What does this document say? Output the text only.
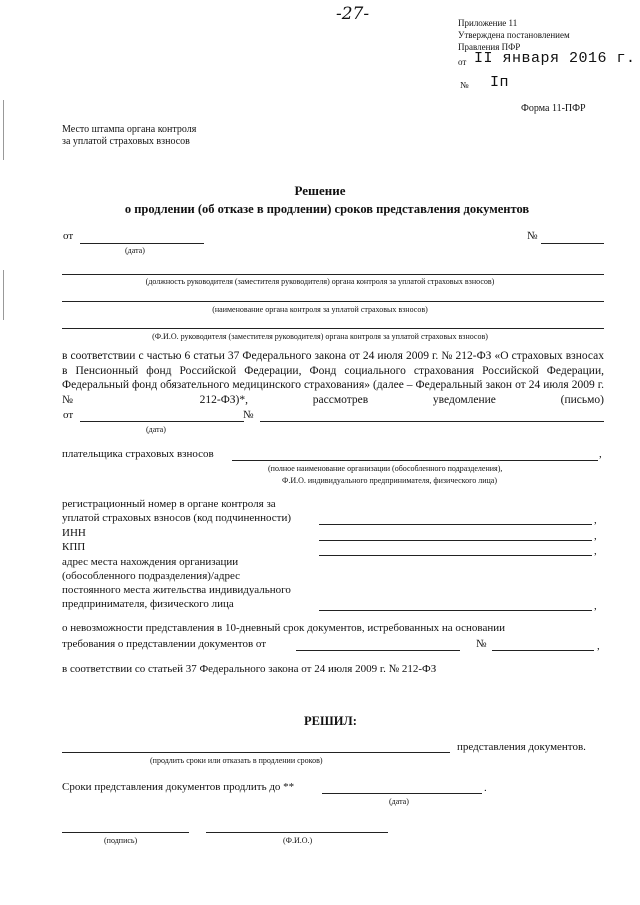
-27-	Приложение 11
Утверждена постановлением
Правления ПФР
от II января 2016 г.
№ Iп
Форма 11-ПФР
Место штампа органа контроля
за уплатой страховых взносов
Решение
о продлении (об отказе в продлении) сроков представления документов
от
(дата)
№
(должность руководителя (заместителя руководителя) органа контроля за уплатой страховых взносов)
(наименование органа контроля за уплатой страховых взносов)
(Ф.И.О. руководителя (заместителя руководителя) органа контроля за уплатой страховых взносов)
в соответствии с частью 6 статьи 37 Федерального закона от 24 июля 2009 г. № 212-ФЗ «О страховых взносах в Пенсионный фонд Российской Федерации, Фонд социального страхования Российской Федерации, Федеральный фонд обязательного медицинского страхования» (далее – Федеральный закон от 24 июля 2009 г. № 212-ФЗ)*, рассмотрев уведомление (письмо)
от
(дата)
№
плательщика страховых взносов	,
(полное наименование организации (обособленного подразделения),
Ф.И.О. индивидуального предпринимателя, физического лица)
регистрационный номер в органе контроля за
уплатой страховых взносов (код подчиненности)	,
ИНН	,
КПП	,
адрес места нахождения организации
(обособленного подразделения)/адрес
постоянного места жительства индивидуального
предпринимателя, физического лица	,
о невозможности представления в 10-дневный срок документов, истребованных на основании
требования о представлении документов от	№	,
в соответствии со статьей 37 Федерального закона от 24 июля 2009 г. № 212-ФЗ
РЕШИЛ:
представления документов.
(продлить сроки или отказать в продлении сроков)
Сроки представления документов продлить до **	.
(дата)
(подпись)	(Ф.И.О.)
